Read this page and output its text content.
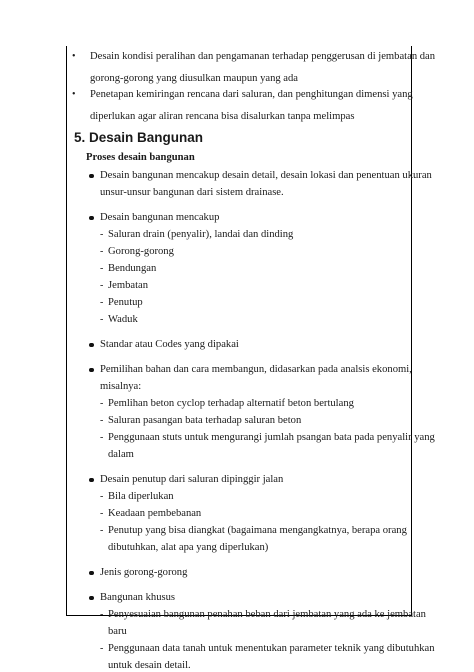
• Desain kondisi peralihan dan pengamanan terhadap penggerusan di jembatan dan
gorong-gorong yang diusulkan maupun yang ada
• Penetapan kemiringan rencana dari saluran, dan penghitungan dimensi yang
diperlukan agar aliran rencana bisa disalurkan tanpa melimpas
5. Desain Bangunan
Proses desain bangunan
Desain bangunan mencakup desain detail, desain lokasi dan penentuan ukuran
unsur-unsur bangunan dari sistem drainase.
Desain bangunan mencakup
- Saluran drain (penyalir), landai dan dinding
- Gorong-gorong
- Bendungan
- Jembatan
- Penutup
- Waduk
Standar atau Codes yang dipakai
Pemilihan bahan dan cara membangun, didasarkan pada analsis ekonomi,
misalnya:
- Pemlihan beton cyclop terhadap alternatif beton bertulang
- Saluran pasangan bata terhadap saluran beton
- Penggunaan stuts untuk mengurangi jumlah psangan bata pada penyalir yang
dalam
Desain penutup dari saluran dipinggir jalan
- Bila diperlukan
- Keadaan pembebanan
- Penutup yang bisa diangkat (bagaimana mengangkatnya, berapa orang
dibutuhkan, alat apa yang diperlukan)
Jenis gorong-gorong
Bangunan khusus
- Penyesuaian bangunan penahan beban dari jembatan yang ada ke jembatan
baru
- Penggunaan data tanah untuk menentukan parameter teknik yang dibutuhkan
untuk desain detail.
